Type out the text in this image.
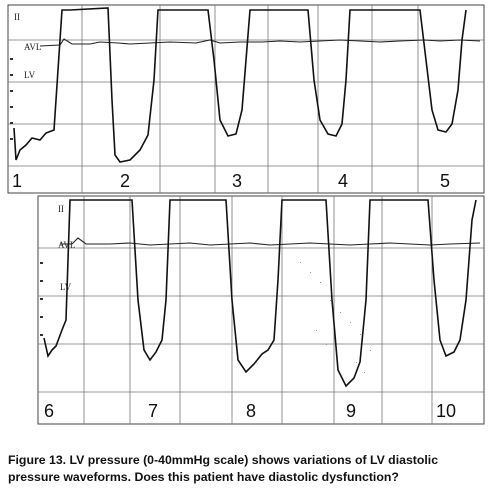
II
AVL
LV
1	2	3	4	5
II
AVL
LV
6	7	8	9	10
Figure 13. LV pressure (0-40mmHg scale) shows variations of LV diastolic pressure waveforms. Does this patient have diastolic dysfunction?
